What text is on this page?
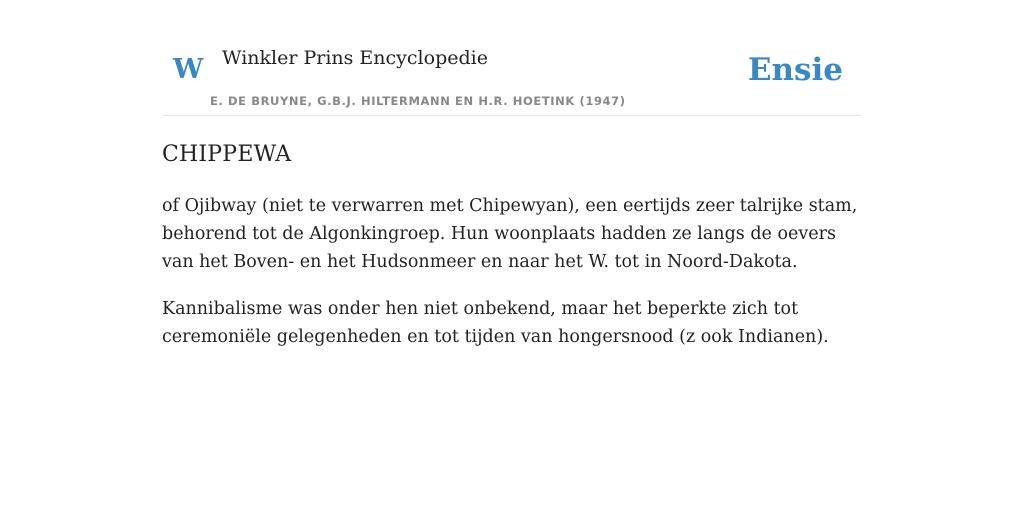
W Winkler Prins Encyclopedie
E. DE BRUYNE, G.B.J. HILTERMANN EN H.R. HOETINK (1947)
Ensie
CHIPPEWA

of Ojibway (niet te verwarren met Chipewyan), een eertijds zeer talrijke stam, behorend tot de Algonkingroep. Hun woonplaats hadden ze langs de oevers van het Boven- en het Hudsonmeer en naar het W. tot in Noord-Dakota.

Kannibalisme was onder hen niet onbekend, maar het beperkte zich tot ceremoniële gelegenheden en tot tijden van hongersnood (z ook Indianen).
